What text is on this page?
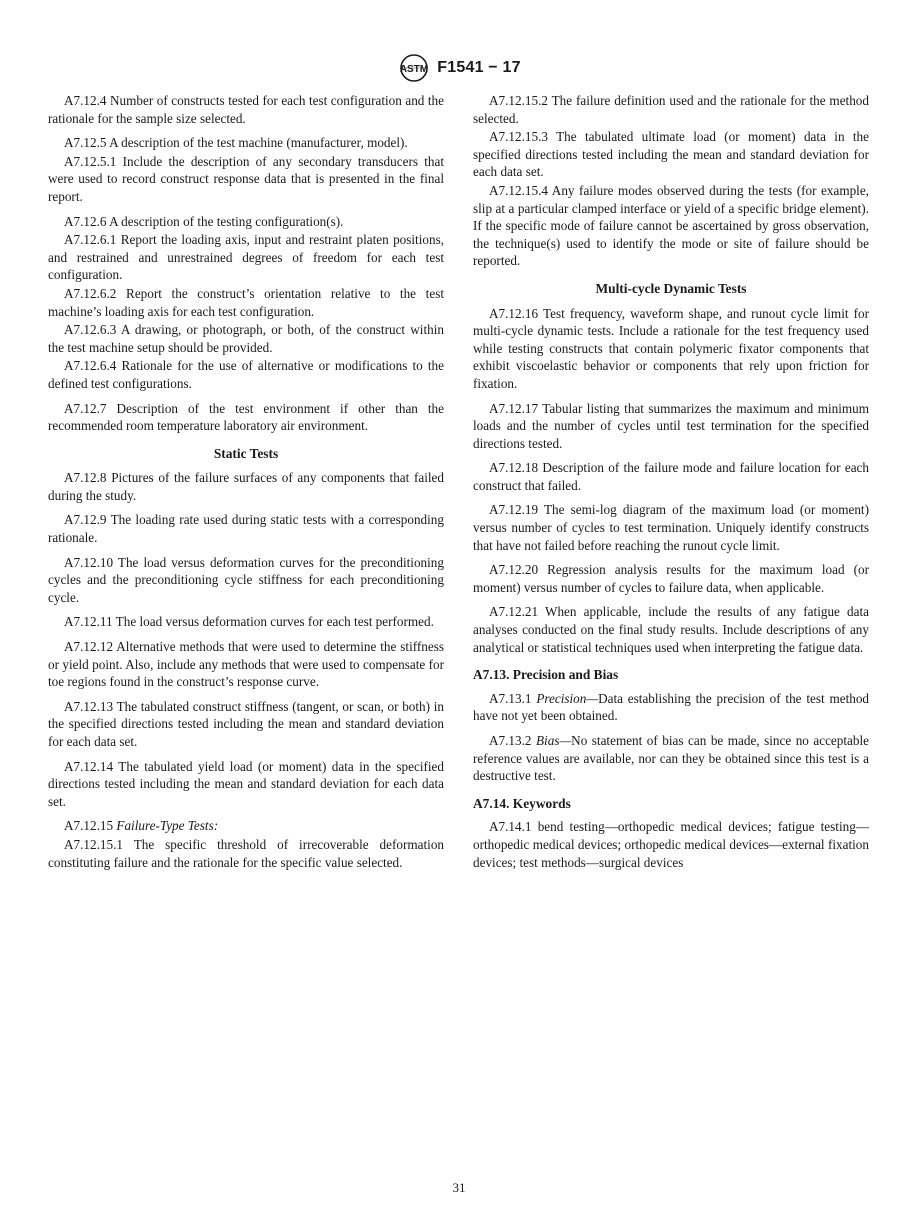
ASTM F1541 − 17

A7.12.4 Number of constructs tested for each test configuration and the rationale for the sample size selected.

A7.12.5 A description of the test machine (manufacturer, model).

A7.12.5.1 Include the description of any secondary transducers that were used to record construct response data that is presented in the final report.

A7.12.6 A description of the testing configuration(s).

A7.12.6.1 Report the loading axis, input and restraint platen positions, and restrained and unrestrained degrees of freedom for each test configuration.

A7.12.6.2 Report the construct’s orientation relative to the test machine’s loading axis for each test configuration.

A7.12.6.3 A drawing, or photograph, or both, of the construct within the test machine setup should be provided.

A7.12.6.4 Rationale for the use of alternative or modifications to the defined test configurations.

A7.12.7 Description of the test environment if other than the recommended room temperature laboratory air environment.

Static Tests

A7.12.8 Pictures of the failure surfaces of any components that failed during the study.

A7.12.9 The loading rate used during static tests with a corresponding rationale.

A7.12.10 The load versus deformation curves for the preconditioning cycles and the preconditioning cycle stiffness for each preconditioning cycle.

A7.12.11 The load versus deformation curves for each test performed.

A7.12.12 Alternative methods that were used to determine the stiffness or yield point. Also, include any methods that were used to compensate for toe regions found in the construct’s response curve.

A7.12.13 The tabulated construct stiffness (tangent, or scan, or both) in the specified directions tested including the mean and standard deviation for each data set.

A7.12.14 The tabulated yield load (or moment) data in the specified directions tested including the mean and standard deviation for each data set.

A7.12.15 Failure-Type Tests:

A7.12.15.1 The specific threshold of irrecoverable deformation constituting failure and the rationale for the specific value selected.

A7.12.15.2 The failure definition used and the rationale for the method selected.

A7.12.15.3 The tabulated ultimate load (or moment) data in the specified directions tested including the mean and standard deviation for each data set.

A7.12.15.4 Any failure modes observed during the tests (for example, slip at a particular clamped interface or yield of a specific bridge element). If the specific mode of failure cannot be ascertained by gross observation, the technique(s) used to identify the mode or site of failure should be reported.

Multi-cycle Dynamic Tests

A7.12.16 Test frequency, waveform shape, and runout cycle limit for multi-cycle dynamic tests. Include a rationale for the test frequency used while testing constructs that contain polymeric fixator components that exhibit viscoelastic behavior or components that rely upon friction for fixation.

A7.12.17 Tabular listing that summarizes the maximum and minimum loads and the number of cycles until test termination for the specified directions tested.

A7.12.18 Description of the failure mode and failure location for each construct that failed.

A7.12.19 The semi-log diagram of the maximum load (or moment) versus number of cycles to test termination. Uniquely identify constructs that have not failed before reaching the runout cycle limit.

A7.12.20 Regression analysis results for the maximum load (or moment) versus number of cycles to failure data, when applicable.

A7.12.21 When applicable, include the results of any fatigue data analyses conducted on the final study results. Include descriptions of any analytical or statistical techniques used when interpreting the fatigue data.

A7.13. Precision and Bias

A7.13.1 Precision—Data establishing the precision of the test method have not yet been obtained.

A7.13.2 Bias—No statement of bias can be made, since no acceptable reference values are available, nor can they be obtained since this test is a destructive test.

A7.14. Keywords

A7.14.1 bend testing—orthopedic medical devices; fatigue testing—orthopedic medical devices; orthopedic medical devices—external fixation devices; test methods—surgical devices

31
